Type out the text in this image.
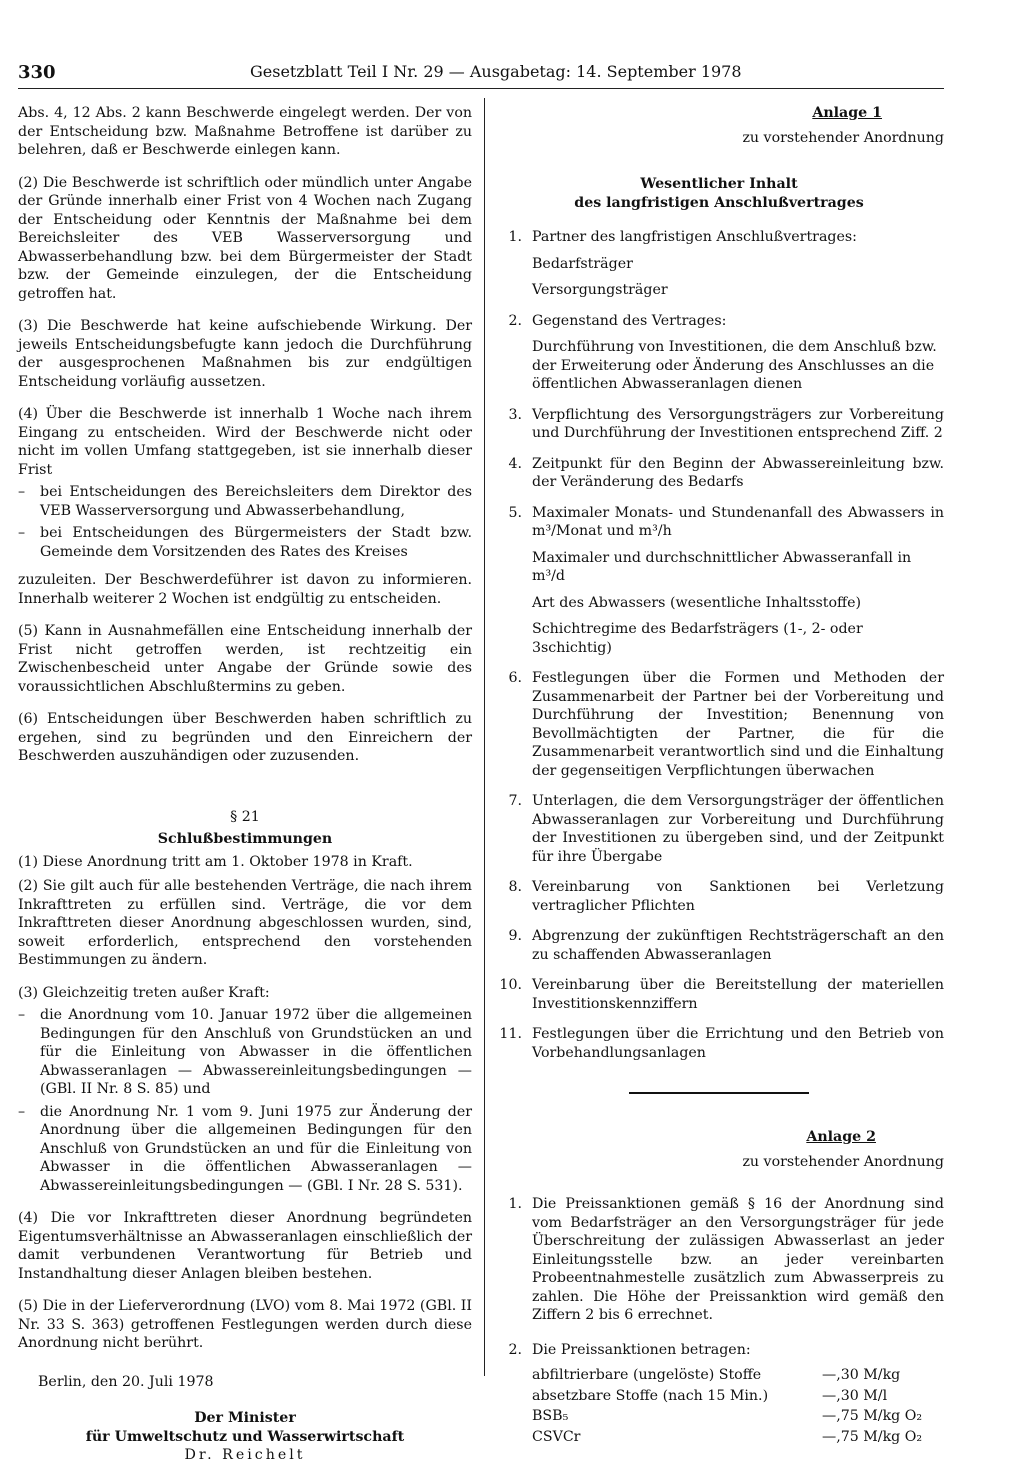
330	Gesetzblatt Teil I Nr. 29 — Ausgabetag: 14. September 1978

Abs. 4, 12 Abs. 2 kann Beschwerde eingelegt werden. Der von der Entscheidung bzw. Maßnahme Betroffene ist darüber zu belehren, daß er Beschwerde einlegen kann.

(2) Die Beschwerde ist schriftlich oder mündlich unter Angabe der Gründe innerhalb einer Frist von 4 Wochen nach Zugang der Entscheidung oder Kenntnis der Maßnahme bei dem Bereichsleiter des VEB Wasserversorgung und Abwasserbehandlung bzw. bei dem Bürgermeister der Stadt bzw. der Gemeinde einzulegen, der die Entscheidung getroffen hat.

(3) Die Beschwerde hat keine aufschiebende Wirkung. Der jeweils Entscheidungsbefugte kann jedoch die Durchführung der ausgesprochenen Maßnahmen bis zur endgültigen Entscheidung vorläufig aussetzen.

(4) Über die Beschwerde ist innerhalb 1 Woche nach ihrem Eingang zu entscheiden. Wird der Beschwerde nicht oder nicht im vollen Umfang stattgegeben, ist sie innerhalb dieser Frist

–	bei Entscheidungen des Bereichsleiters dem Direktor des VEB Wasserversorgung und Abwasserbehandlung,
–	bei Entscheidungen des Bürgermeisters der Stadt bzw. Gemeinde dem Vorsitzenden des Rates des Kreises

zuzuleiten. Der Beschwerdeführer ist davon zu informieren. Innerhalb weiterer 2 Wochen ist endgültig zu entscheiden.

(5) Kann in Ausnahmefällen eine Entscheidung innerhalb der Frist nicht getroffen werden, ist rechtzeitig ein Zwischenbescheid unter Angabe der Gründe sowie des voraussichtlichen Abschlußtermins zu geben.

(6) Entscheidungen über Beschwerden haben schriftlich zu ergehen, sind zu begründen und den Einreichern der Beschwerden auszuhändigen oder zuzusenden.

§ 21

Schlußbestimmungen

(1) Diese Anordnung tritt am 1. Oktober 1978 in Kraft.

(2) Sie gilt auch für alle bestehenden Verträge, die nach ihrem Inkrafttreten zu erfüllen sind. Verträge, die vor dem Inkrafttreten dieser Anordnung abgeschlossen wurden, sind, soweit erforderlich, entsprechend den vorstehenden Bestimmungen zu ändern.

(3) Gleichzeitig treten außer Kraft:

–	die Anordnung vom 10. Januar 1972 über die allgemeinen Bedingungen für den Anschluß von Grundstücken an und für die Einleitung von Abwasser in die öffentlichen Abwasseranlagen — Abwassereinleitungsbedingungen — (GBl. II Nr. 8 S. 85) und
–	die Anordnung Nr. 1 vom 9. Juni 1975 zur Änderung der Anordnung über die allgemeinen Bedingungen für den Anschluß von Grundstücken an und für die Einleitung von Abwasser in die öffentlichen Abwasseranlagen — Abwassereinleitungsbedingungen — (GBl. I Nr. 28 S. 531).

(4) Die vor Inkrafttreten dieser Anordnung begründeten Eigentumsverhältnisse an Abwasseranlagen einschließlich der damit verbundenen Verantwortung für Betrieb und Instandhaltung dieser Anlagen bleiben bestehen.

(5) Die in der Lieferverordnung (LVO) vom 8. Mai 1972 (GBl. II Nr. 33 S. 363) getroffenen Festlegungen werden durch diese Anordnung nicht berührt.

Berlin, den 20. Juli 1978

Der Minister
für Umweltschutz und Wasserwirtschaft
Dr. Reichelt
Anlage 1
zu vorstehender Anordnung
Wesentlicher Inhalt
des langfristigen Anschlußvertrages
1. Partner des langfristigen Anschlußvertrages:
Bedarfsträger
Versorgungsträger
2. Gegenstand des Vertrages:
Durchführung von Investitionen, die dem Anschluß bzw. der Erweiterung oder Änderung des Anschlusses an die öffentlichen Abwasseranlagen dienen
3. Verpflichtung des Versorgungsträgers zur Vorbereitung und Durchführung der Investitionen entsprechend Ziff. 2
4. Zeitpunkt für den Beginn der Abwassereinleitung bzw. der Veränderung des Bedarfs
5. Maximaler Monats- und Stundenanfall des Abwassers in m³/Monat und m³/h
Maximaler und durchschnittlicher Abwasseranfall in m³/d
Art des Abwassers (wesentliche Inhaltsstoffe)
Schichtregime des Bedarfsträgers (1-, 2- oder 3schichtig)
6. Festlegungen über die Formen und Methoden der Zusammenarbeit der Partner bei der Vorbereitung und Durchführung der Investition; Benennung von Bevollmächtigten der Partner, die für die Zusammenarbeit verantwortlich sind und die Einhaltung der gegenseitigen Verpflichtungen überwachen
7. Unterlagen, die dem Versorgungsträger der öffentlichen Abwasseranlagen zur Vorbereitung und Durchführung der Investitionen zu übergeben sind, und der Zeitpunkt für ihre Übergabe
8. Vereinbarung von Sanktionen bei Verletzung vertraglicher Pflichten
9. Abgrenzung der zukünftigen Rechtsträgerschaft an den zu schaffenden Abwasseranlagen
10. Vereinbarung über die Bereitstellung der materiellen Investitionskennziffern
11. Festlegungen über die Errichtung und den Betrieb von Vorbehandlungsanlagen
Anlage 2
zu vorstehender Anordnung
1. Die Preissanktionen gemäß § 16 der Anordnung sind vom Bedarfsträger an den Versorgungsträger für jede Überschreitung der zulässigen Abwasserlast an jeder Einleitungsstelle bzw. an jeder vereinbarten Probeentnahmestelle zusätzlich zum Abwasserpreis zu zahlen. Die Höhe der Preissanktion wird gemäß den Ziffern 2 bis 6 errechnet.
2. Die Preissanktionen betragen:
abfiltrierbare (ungelöste) Stoffe	—,30 M/kg
absetzbare Stoffe (nach 15 Min.)	—,30 M/l
BSB₅	—,75 M/kg O₂
CSVCr	—,75 M/kg O₂
